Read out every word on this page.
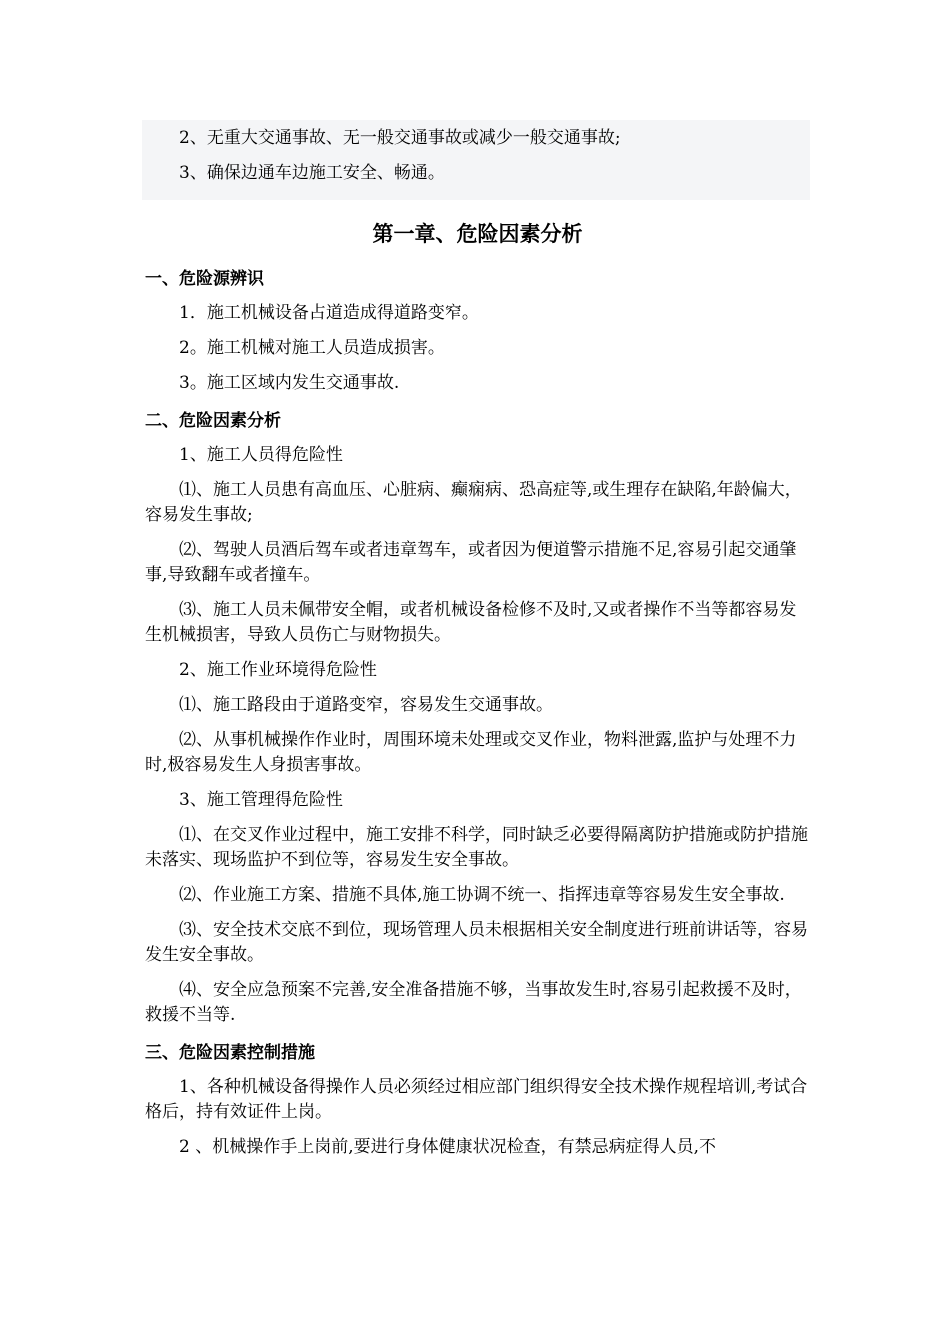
2、无重大交通事故、无一般交通事故或减少一般交通事故;

3、确保边通车边施工安全、畅通。

第一章、危险因素分析
一、危险源辨识

1．施工机械设备占道造成得道路变窄。

2。施工机械对施工人员造成损害。

3。施工区域内发生交通事故.

二、危险因素分析

1、施工人员得危险性

⑴、施工人员患有高血压、心脏病、癫痫病、恐高症等,或生理存在缺陷,年龄偏大，容易发生事故;

⑵、驾驶人员酒后驾车或者违章驾车，或者因为便道警示措施不足,容易引起交通肇事,导致翻车或者撞车。

⑶、施工人员未佩带安全帽，或者机械设备检修不及时,又或者操作不当等都容易发生机械损害，导致人员伤亡与财物损失。

2、施工作业环境得危险性

⑴、施工路段由于道路变窄，容易发生交通事故。

⑵、从事机械操作作业时，周围环境未处理或交叉作业，物料泄露,监护与处理不力时,极容易发生人身损害事故。

3、施工管理得危险性

⑴、在交叉作业过程中，施工安排不科学，同时缺乏必要得隔离防护措施或防护措施未落实、现场监护不到位等，容易发生安全事故。

⑵、作业施工方案、措施不具体,施工协调不统一、指挥违章等容易发生安全事故.

⑶、安全技术交底不到位，现场管理人员未根据相关安全制度进行班前讲话等，容易发生安全事故。

⑷、安全应急预案不完善,安全准备措施不够，当事故发生时,容易引起救援不及时，救援不当等.

三、危险因素控制措施

1、各种机械设备得操作人员必须经过相应部门组织得安全技术操作规程培训,考试合格后，持有效证件上岗。

2 、机械操作手上岗前,要进行身体健康状况检查，有禁忌病症得人员,不
